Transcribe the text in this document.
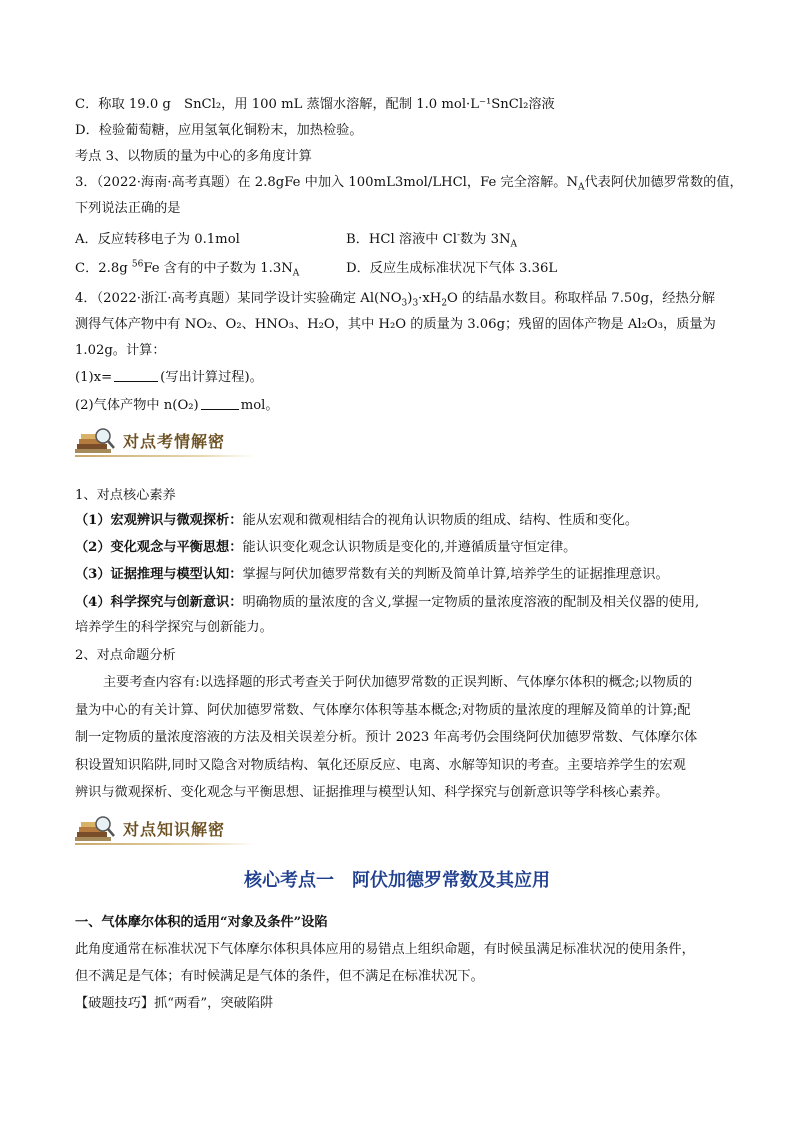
C．称取 19.0 g　SnCl₂，用 100 mL 蒸馏水溶解，配制 1.0 mol·L⁻¹SnCl₂溶液
D．检验葡萄糖，应用氢氧化铜粉末，加热检验。
考点 3、以物质的量为中心的多角度计算
3．（2022·海南·高考真题）在 2.8gFe 中加入 100mL3mol/LHCl，Fe 完全溶解。$N_A$代表阿伏加德罗常数的值，
下列说法正确的是
A．反应转移电子为 0.1mol	B．HCl 溶液中 Cl-数为 $3N_A$
C．2.8g $^{56}$Fe 含有的中子数为 $1.3N_A$	D．反应生成标准状况下气体 3.36L
4．（2022·浙江·高考真题）某同学设计实验确定 $Al(NO_3)_3\cdot xH_2O$ 的结晶水数目。称取样品 7.50g，经热分解
测得气体产物中有 NO₂、O₂、HNO₃、H₂O，其中 H₂O 的质量为 3.06g；残留的固体产物是 Al₂O₃，质量为
1.02g。计算：
(1)x=	(写出计算过程)。
(2)气体产物中 n(O₂)	mol。
对点考情解密
1、对点核心素养
（1）宏观辨识与微观探析：能从宏观和微观相结合的视角认识物质的组成、结构、性质和变化。
（2）变化观念与平衡思想：能认识变化观念认识物质是变化的,并遵循质量守恒定律。
（3）证据推理与模型认知：掌握与阿伏加德罗常数有关的判断及简单计算,培养学生的证据推理意识。
（4）科学探究与创新意识：明确物质的量浓度的含义,掌握一定物质的量浓度溶液的配制及相关仪器的使用,
培养学生的科学探究与创新能力。
2、对点命题分析
主要考查内容有:以选择题的形式考查关于阿伏加德罗常数的正误判断、气体摩尔体积的概念;以物质的
量为中心的有关计算、阿伏加德罗常数、气体摩尔体积等基本概念;对物质的量浓度的理解及简单的计算;配
制一定物质的量浓度溶液的方法及相关误差分析。预计 2023 年高考仍会围绕阿伏加德罗常数、气体摩尔体
积设置知识陷阱,同时又隐含对物质结构、氧化还原反应、电离、水解等知识的考查。主要培养学生的宏观
辨识与微观探析、变化观念与平衡思想、证据推理与模型认知、科学探究与创新意识等学科核心素养。
对点知识解密
核心考点一　阿伏加德罗常数及其应用
一、气体摩尔体积的适用“对象及条件”设陷
此角度通常在标准状况下气体摩尔体积具体应用的易错点上组织命题，有时候虽满足标准状况的使用条件，
但不满足是气体；有时候满足是气体的条件，但不满足在标准状况下。
【破题技巧】抓“两看”，突破陷阱
